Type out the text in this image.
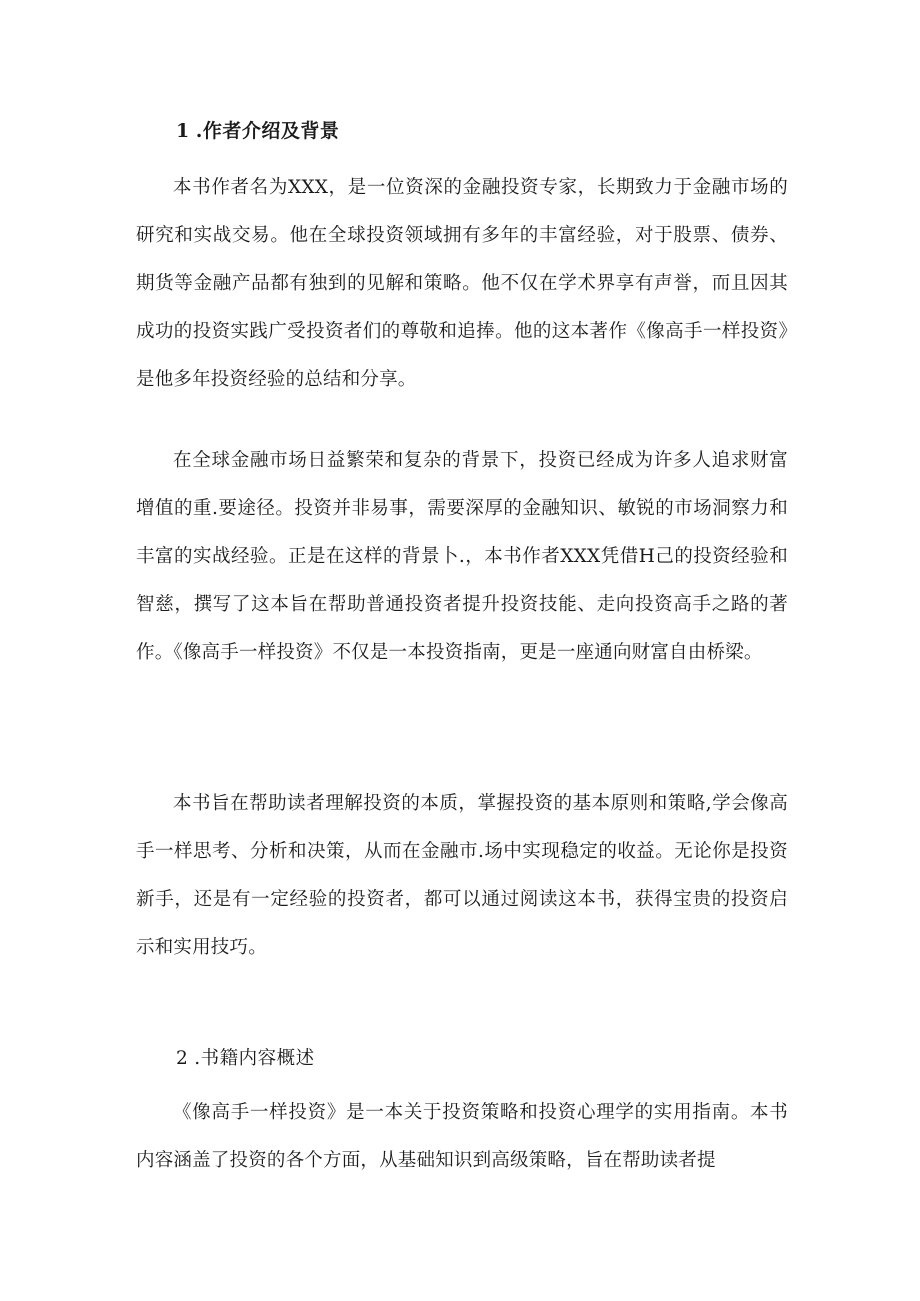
1 .作者介绍及背景

本书作者名为XXX，是一位资深的金融投资专家，长期致力于金融市场的研究和实战交易。他在全球投资领域拥有多年的丰富经验，对于股票、债券、期货等金融产品都有独到的见解和策略。他不仅在学术界享有声誉，而且因其成功的投资实践广受投资者们的尊敬和追捧。他的这本著作《像高手一样投资》是他多年投资经验的总结和分享。

在全球金融市场日益繁荣和复杂的背景下，投资已经成为许多人追求财富增值的重.要途径。投资并非易事，需要深厚的金融知识、敏锐的市场洞察力和丰富的实战经验。正是在这样的背景卜.，本书作者XXX凭借H己的投资经验和智慈，撰写了这本旨在帮助普通投资者提升投资技能、走向投资高手之路的著作。《像高手一样投资》不仅是一本投资指南，更是一座通向财富自由桥梁。

本书旨在帮助读者理解投资的本质，掌握投资的基本原则和策略,学会像高手一样思考、分析和决策，从而在金融市.场中实现稳定的收益。无论你是投资新手，还是有一定经验的投资者，都可以通过阅读这本书，获得宝贵的投资启示和实用技巧。

2 .书籍内容概述

《像高手一样投资》是一本关于投资策略和投资心理学的实用指南。本书内容涵盖了投资的各个方面，从基础知识到高级策略，旨在帮助读者提
